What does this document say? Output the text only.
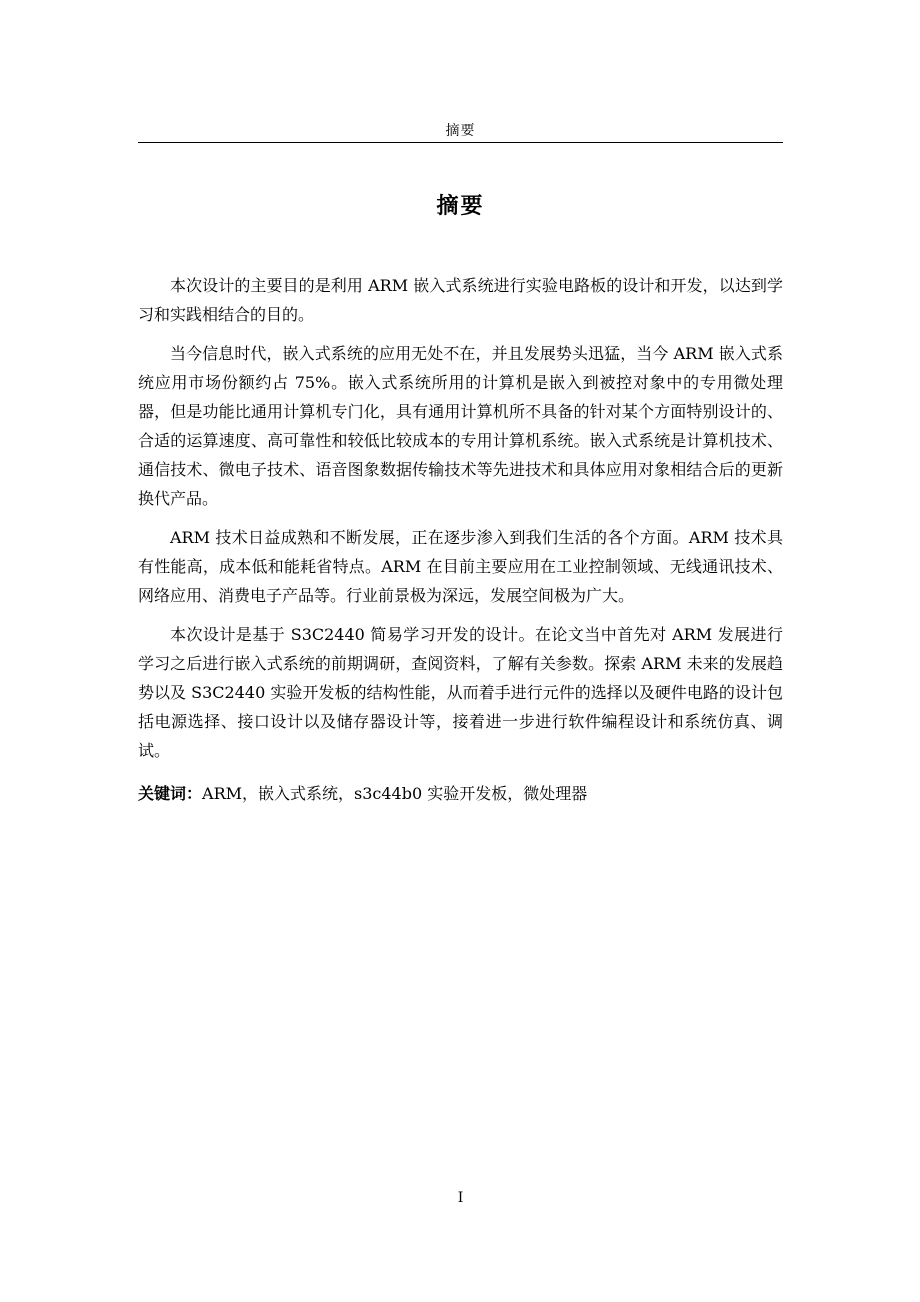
摘要
摘要

本次设计的主要目的是利用 ARM 嵌入式系统进行实验电路板的设计和开发，以达到学习和实践相结合的目的。

当今信息时代，嵌入式系统的应用无处不在，并且发展势头迅猛，当今 ARM 嵌入式系统应用市场份额约占 75%。嵌入式系统所用的计算机是嵌入到被控对象中的专用微处理器，但是功能比通用计算机专门化，具有通用计算机所不具备的针对某个方面特别设计的、合适的运算速度、高可靠性和较低比较成本的专用计算机系统。嵌入式系统是计算机技术、通信技术、微电子技术、语音图象数据传输技术等先进技术和具体应用对象相结合后的更新换代产品。

ARM 技术日益成熟和不断发展，正在逐步渗入到我们生活的各个方面。ARM 技术具有性能高，成本低和能耗省特点。ARM 在目前主要应用在工业控制领域、无线通讯技术、网络应用、消费电子产品等。行业前景极为深远，发展空间极为广大。

本次设计是基于 S3C2440 简易学习开发的设计。在论文当中首先对 ARM 发展进行学习之后进行嵌入式系统的前期调研，查阅资料，了解有关参数。探索 ARM 未来的发展趋势以及 S3C2440 实验开发板的结构性能，从而着手进行元件的选择以及硬件电路的设计包括电源选择、接口设计以及储存器设计等，接着进一步进行软件编程设计和系统仿真、调试。

关键词：ARM，嵌入式系统，s3c44b0 实验开发板，微处理器
I
